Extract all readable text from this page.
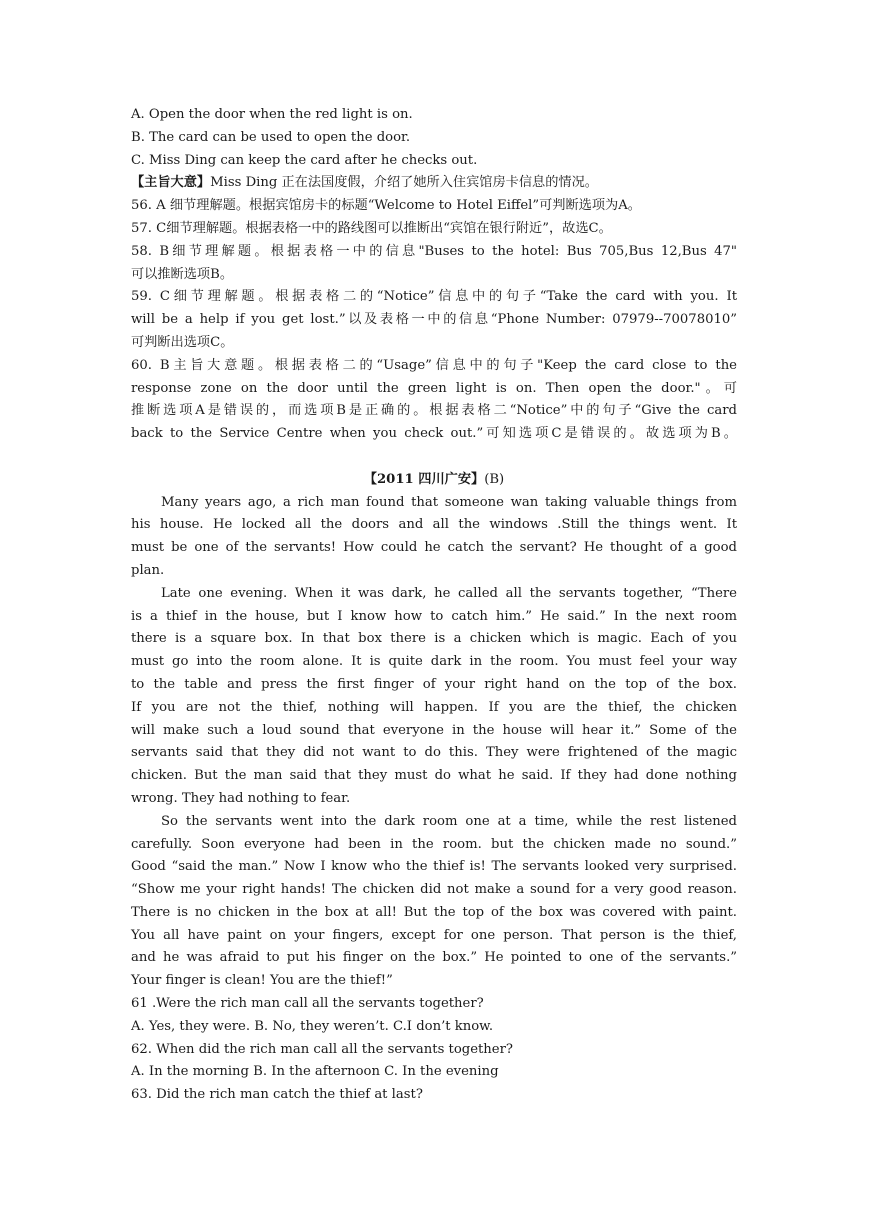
A. Open the door when the red light is on.
B. The card can be used to open the door.
C. Miss Ding can keep the card after he checks out.
【主旨大意】Miss Ding 正在法国度假，介绍了她所入住宾馆房卡信息的情况。
56. A 细节理解题。根据宾馆房卡的标题“Welcome to Hotel Eiffel”可判断选项为A。
57. C细节理解题。根据表格一中的路线图可以推断出“宾馆在银行附近”，故选C。
58. B细节理解题。根据表格一中的信息"Buses to the hotel: Bus 705,Bus 12,Bus 47"
可以推断选项B。
59. C细节理解题。根据表格二的“Notice”信息中的句子“Take the card with you. It
will be a help if you get lost.”以及表格一中的信息“Phone Number: 07979--70078010”
可判断出选项C。
60. B主旨大意题。根据表格二的“Usage”信息中的句子"Keep the card close to the
response zone on the door until the green light is on. Then open the door."。可
推断选项A是错误的，而选项B是正确的。根据表格二“Notice”中的句子“Give the card
back to the Service Centre when you check out.”可知选项C是错误的。故选项为B。
【2011 四川广安】(B)
Many years ago, a rich man found that someone wan taking valuable things from
his house. He locked all the doors and all the windows .Still the things went. It
must be one of the servants! How could he catch the servant? He thought of a good
plan.
Late one evening. When it was dark, he called all the servants together, “There
is a thief in the house, but I know how to catch him.” He said.” In the next room
there is a square box. In that box there is a chicken which is magic. Each of you
must go into the room alone. It is quite dark in the room. You must feel your way
to the table and press the first finger of your right hand on the top of the box.
If you are not the thief, nothing will happen. If you are the thief, the chicken
will make such a loud sound that everyone in the house will hear it.” Some of the
servants said that they did not want to do this. They were frightened of the magic
chicken. But the man said that they must do what he said. If they had done nothing
wrong. They had nothing to fear.
So the servants went into the dark room one at a time, while the rest listened
carefully. Soon everyone had been in the room. but the chicken made no sound.”
Good “said the man.” Now I know who the thief is! The servants looked very surprised.
“Show me your right hands! The chicken did not make a sound for a very good reason.
There is no chicken in the box at all! But the top of the box was covered with paint.
You all have paint on your fingers, except for one person. That person is the thief,
and he was afraid to put his finger on the box.” He pointed to one of the servants.”
Your finger is clean! You are the thief!”
61 .Were the rich man call all the servants together?
A. Yes, they were. B. No, they weren’t. C.I don’t know.
62. When did the rich man call all the servants together?
A. In the morning B. In the afternoon C. In the evening
63. Did the rich man catch the thief at last?
